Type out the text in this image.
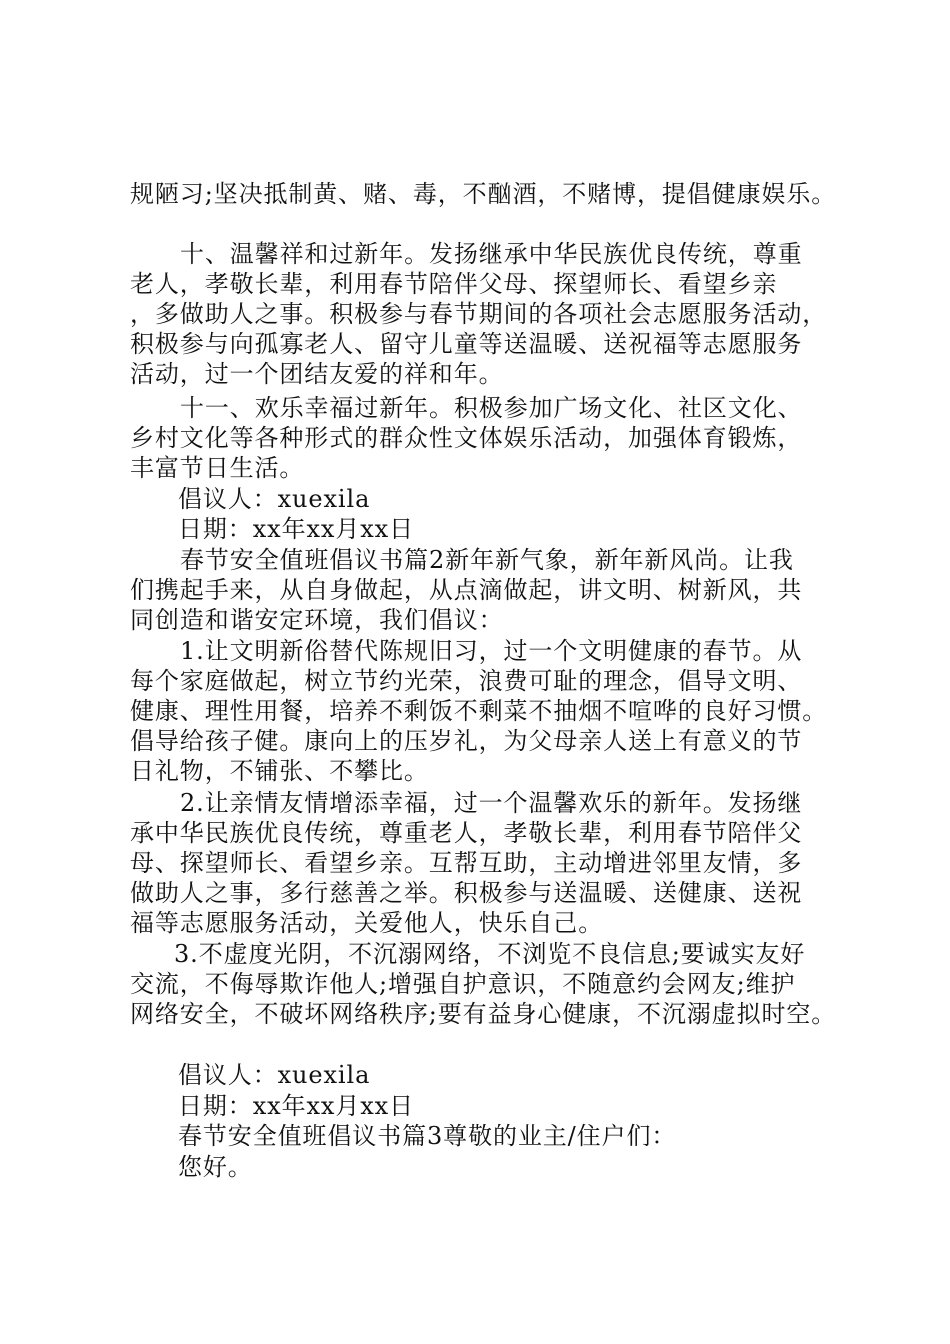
规陋习;坚决抵制黄、赌、毒，不酗酒，不赌博，提倡健康娱乐。
十、温馨祥和过新年。发扬继承中华民族优良传统，尊重
老人，孝敬长辈，利用春节陪伴父母、探望师长、看望乡亲
，多做助人之事。积极参与春节期间的各项社会志愿服务活动，
积极参与向孤寡老人、留守儿童等送温暖、送祝福等志愿服务
活动，过一个团结友爱的祥和年。
十一、欢乐幸福过新年。积极参加广场文化、社区文化、
乡村文化等各种形式的群众性文体娱乐活动，加强体育锻炼，
丰富节日生活。
倡议人：xuexila
日期：xx年xx月xx日
春节安全值班倡议书篇2新年新气象，新年新风尚。让我
们携起手来，从自身做起，从点滴做起，讲文明、树新风，共
同创造和谐安定环境，我们倡议：
1.让文明新俗替代陈规旧习，过一个文明健康的春节。从
每个家庭做起，树立节约光荣，浪费可耻的理念，倡导文明、
健康、理性用餐，培养不剩饭不剩菜不抽烟不喧哗的良好习惯。
倡导给孩子健。康向上的压岁礼，为父母亲人送上有意义的节
日礼物，不铺张、不攀比。
2.让亲情友情增添幸福，过一个温馨欢乐的新年。发扬继
承中华民族优良传统，尊重老人，孝敬长辈，利用春节陪伴父
母、探望师长、看望乡亲。互帮互助，主动增进邻里友情，多
做助人之事，多行慈善之举。积极参与送温暖、送健康、送祝
福等志愿服务活动，关爱他人，快乐自己。
3.不虚度光阴，不沉溺网络，不浏览不良信息;要诚实友好
交流，不侮辱欺诈他人;增强自护意识，不随意约会网友;维护
网络安全，不破坏网络秩序;要有益身心健康，不沉溺虚拟时空。
倡议人：xuexila
日期：xx年xx月xx日
春节安全值班倡议书篇3尊敬的业主/住户们：
您好。
